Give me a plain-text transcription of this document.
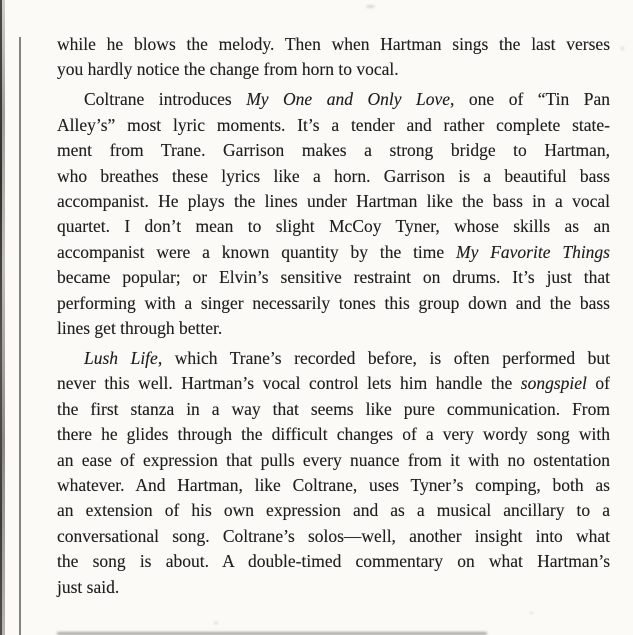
while he blows the melody. Then when Hartman sings the last verses
you hardly notice the change from horn to vocal.
Coltrane introduces My One and Only Love, one of “Tin Pan
Alley’s” most lyric moments. It’s a tender and rather complete state-
ment from Trane. Garrison makes a strong bridge to Hartman,
who breathes these lyrics like a horn. Garrison is a beautiful bass
accompanist. He plays the lines under Hartman like the bass in a vocal
quartet. I don’t mean to slight McCoy Tyner, whose skills as an
accompanist were a known quantity by the time My Favorite Things
became popular; or Elvin’s sensitive restraint on drums. It’s just that
performing with a singer necessarily tones this group down and the bass
lines get through better.
Lush Life, which Trane’s recorded before, is often performed but
never this well. Hartman’s vocal control lets him handle the songspiel of
the first stanza in a way that seems like pure communication. From
there he glides through the difficult changes of a very wordy song with
an ease of expression that pulls every nuance from it with no ostentation
whatever. And Hartman, like Coltrane, uses Tyner’s comping, both as
an extension of his own expression and as a musical ancillary to a
conversational song. Coltrane’s solos—well, another insight into what
the song is about. A double-timed commentary on what Hartman’s
just said.
